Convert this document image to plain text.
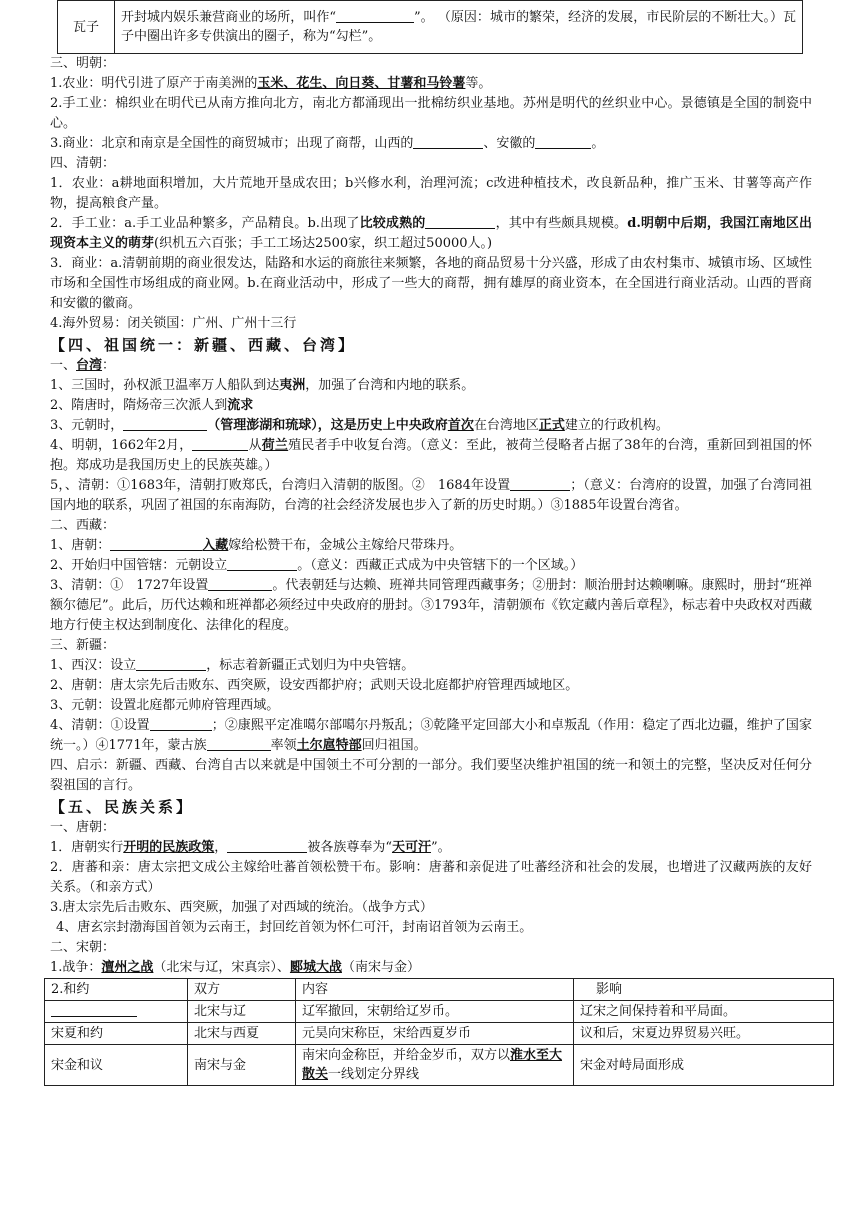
瓦子	开封城内娱乐兼营商业的场所，叫作“	”。 （原因：城市的繁荣，经济的发展，市民阶层的不断壮大。）瓦子中圈出许多专供演出的圈子，称为“勾栏”。
三、明朝：
1.农业：明代引进了原产于南美洲的玉米、花生、向日葵、甘薯和马铃薯等。
2.手工业：棉织业在明代已从南方推向北方，南北方都涌现出一批棉纺织业基地。苏州是明代的丝织业中心。景德镇是全国的制瓷中心。
3.商业：北京和南京是全国性的商贸城市；出现了商帮，山西的	、安徽的	。
四、清朝：
1．农业：a耕地面积增加，大片荒地开垦成农田；b兴修水利，治理河流；c改进种植技术，改良新品种，推广玉米、甘薯等高产作物，提高粮食产量。
2．手工业：a.手工业品种繁多，产品精良。b.出现了比较成熟的	，其中有些颇具规模。d.明朝中后期，我国江南地区出现资本主义的萌芽(织机五六百张；手工工场达2500家，织工超过50000人。)
3．商业：a.清朝前期的商业很发达，陆路和水运的商旅往来频繁，各地的商品贸易十分兴盛，形成了由农村集市、城镇市场、区域性市场和全国性市场组成的商业网。b.在商业活动中，形成了一些大的商帮，拥有雄厚的商业资本，在全国进行商业活动。山西的晋商和安徽的徽商。
4.海外贸易：闭关锁国：广州、广州十三行
【四、祖国统一：新疆、西藏、台湾】
一、台湾：
1、三国时，孙权派卫温率万人船队到达夷洲，加强了台湾和内地的联系。
2、隋唐时，隋炀帝三次派人到流求
3、元朝时，	（管理澎湖和琉球），这是历史上中央政府首次在台湾地区正式建立的行政机构。
4、明朝，1662年2月，	从荷兰殖民者手中收复台湾。（意义：至此，被荷兰侵略者占据了38年的台湾，重新回到祖国的怀抱。郑成功是我国历史上的民族英雄。）
5，、清朝：①1683年，清朝打败郑氏，台湾归入清朝的版图。②　1684年设置	；（意义：台湾府的设置，加强了台湾同祖国内地的联系，巩固了祖国的东南海防，台湾的社会经济发展也步入了新的历史时期。）③1885年设置台湾省。
二、西藏：
1、唐朝：	入藏嫁给松赞干布，金城公主嫁给尺带珠丹。
2、开始归中国管辖：元朝设立	。（意义：西藏正式成为中央管辖下的一个区域。）
3、清朝：①　1727年设置	。代表朝廷与达赖、班禅共同管理西藏事务；②册封：顺治册封达赖喇嘛。康熙时，册封“班禅额尔德尼”。此后，历代达赖和班禅都必须经过中央政府的册封。③1793年，清朝颁布《钦定藏内善后章程》，标志着中央政权对西藏地方行使主权达到制度化、法律化的程度。
三、新疆：
1、西汉：设立	，标志着新疆正式划归为中央管辖。
2、唐朝：唐太宗先后击败东、西突厥，设安西都护府；武则天设北庭都护府管理西域地区。
3、元朝：设置北庭都元帅府管理西域。
4、清朝：①设置	；②康熙平定准噶尔部噶尔丹叛乱；③乾隆平定回部大小和卓叛乱（作用：稳定了西北边疆，维护了国家统一。）④1771年，蒙古族	率领土尔扈特部回归祖国。
四、启示：新疆、西藏、台湾自古以来就是中国领土不可分割的一部分。我们要坚决维护祖国的统一和领土的完整，坚决反对任何分裂祖国的言行。
【五、民族关系】
一、唐朝：
1．唐朝实行开明的民族政策，	被各族尊奉为“天可汗”。
2．唐蕃和亲：唐太宗把文成公主嫁给吐蕃首领松赞干布。影响：唐蕃和亲促进了吐蕃经济和社会的发展，也增进了汉藏两族的友好关系。（和亲方式）
3.唐太宗先后击败东、西突厥，加强了对西域的统治。（战争方式）
4、唐玄宗封渤海国首领为云南王，封回纥首领为怀仁可汗，封南诏首领为云南王。
二、宋朝：
1.战争：澶州之战（北宋与辽，宋真宗）、郾城大战（南宋与金）
2.和约	双方	内容	影响
	北宋与辽	辽军撤回，宋朝给辽岁币。	辽宋之间保持着和平局面。
宋夏和约	北宋与西夏	元昊向宋称臣，宋给西夏岁币	议和后，宋夏边界贸易兴旺。
宋金和议	南宋与金	南宋向金称臣，并给金岁币，双方以淮水至大散关一线划定分界线	宋金对峙局面形成
